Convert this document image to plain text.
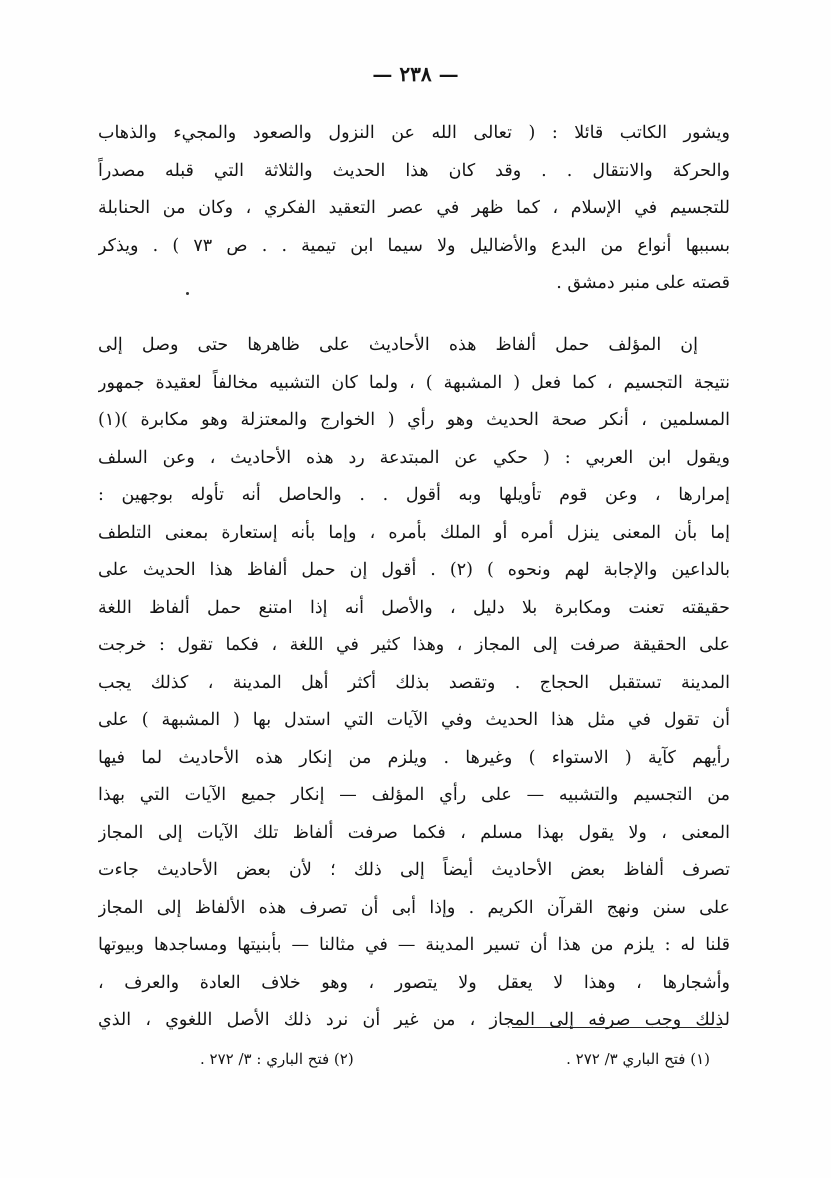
— ٢٣٨ —
ويشور الكاتب قائلا : ( تعالى الله عن النزول والصعود والمجيء والذهاب
والحركة والانتقال . . وقد كان هذا الحديث والثلاثة التي قبله مصدراً
للتجسيم في الإسلام ، كما ظهر في عصر التعقيد الفكري ، وكان من الحنابلة
بسببها أنواع من البدع والأضاليل ولا سيما ابن تيمية . . ص ٧٣ ) . ويذكر
قصته على منبر دمشق .
إن المؤلف حمل ألفاظ هذه الأحاديث على ظاهرها حتى وصل إلى
نتيجة التجسيم ، كما فعل ( المشبهة ) ، ولما كان التشبيه مخالفاً لعقيدة جمهور
المسلمين ، أنكر صحة الحديث وهو رأي ( الخوارج والمعتزلة وهو مكابرة )(١)
ويقول ابن العربي : ( حكي عن المبتدعة رد هذه الأحاديث ، وعن السلف
إمرارها ، وعن قوم تأويلها وبه أقول . . والحاصل أنه تأوله بوجهين :
إما بأن المعنى ينزل أمره أو الملك بأمره ، وإما بأنه إستعارة بمعنى التلطف
بالداعين والإجابة لهم ونحوه ) (٢) . أقول إن حمل ألفاظ هذا الحديث على
حقيقته تعنت ومكابرة بلا دليل ، والأصل أنه إذا امتنع حمل ألفاظ اللغة
على الحقيقة صرفت إلى المجاز ، وهذا كثير في اللغة ، فكما تقول : خرجت
المدينة تستقبل الحجاج . وتقصد بذلك أكثر أهل المدينة ، كذلك يجب
أن تقول في مثل هذا الحديث وفي الآيات التي استدل بها ( المشبهة ) على
رأيهم كآية ( الاستواء ) وغيرها . ويلزم من إنكار هذه الأحاديث لما فيها
من التجسيم والتشبيه — على رأي المؤلف — إنكار جميع الآيات التي بهذا
المعنى ، ولا يقول بهذا مسلم ، فكما صرفت ألفاظ تلك الآيات إلى المجاز
تصرف ألفاظ بعض الأحاديث أيضاً إلى ذلك ؛ لأن بعض الأحاديث جاءت
على سنن ونهج القرآن الكريم . وإذا أبى أن تصرف هذه الألفاظ إلى المجاز
قلنا له : يلزم من هذا أن تسير المدينة — في مثالنا — بأبنيتها ومساجدها وبيوتها
وأشجارها ، وهذا لا يعقل ولا يتصور ، وهو خلاف العادة والعرف ،
لذلك وجب صرفه إلى المجاز ، من غير أن نرد ذلك الأصل اللغوي ، الذي
(١) فتح الباري ٣/ ٢٧٢ .
(٢) فتح الباري : ٣/ ٢٧٢ .
